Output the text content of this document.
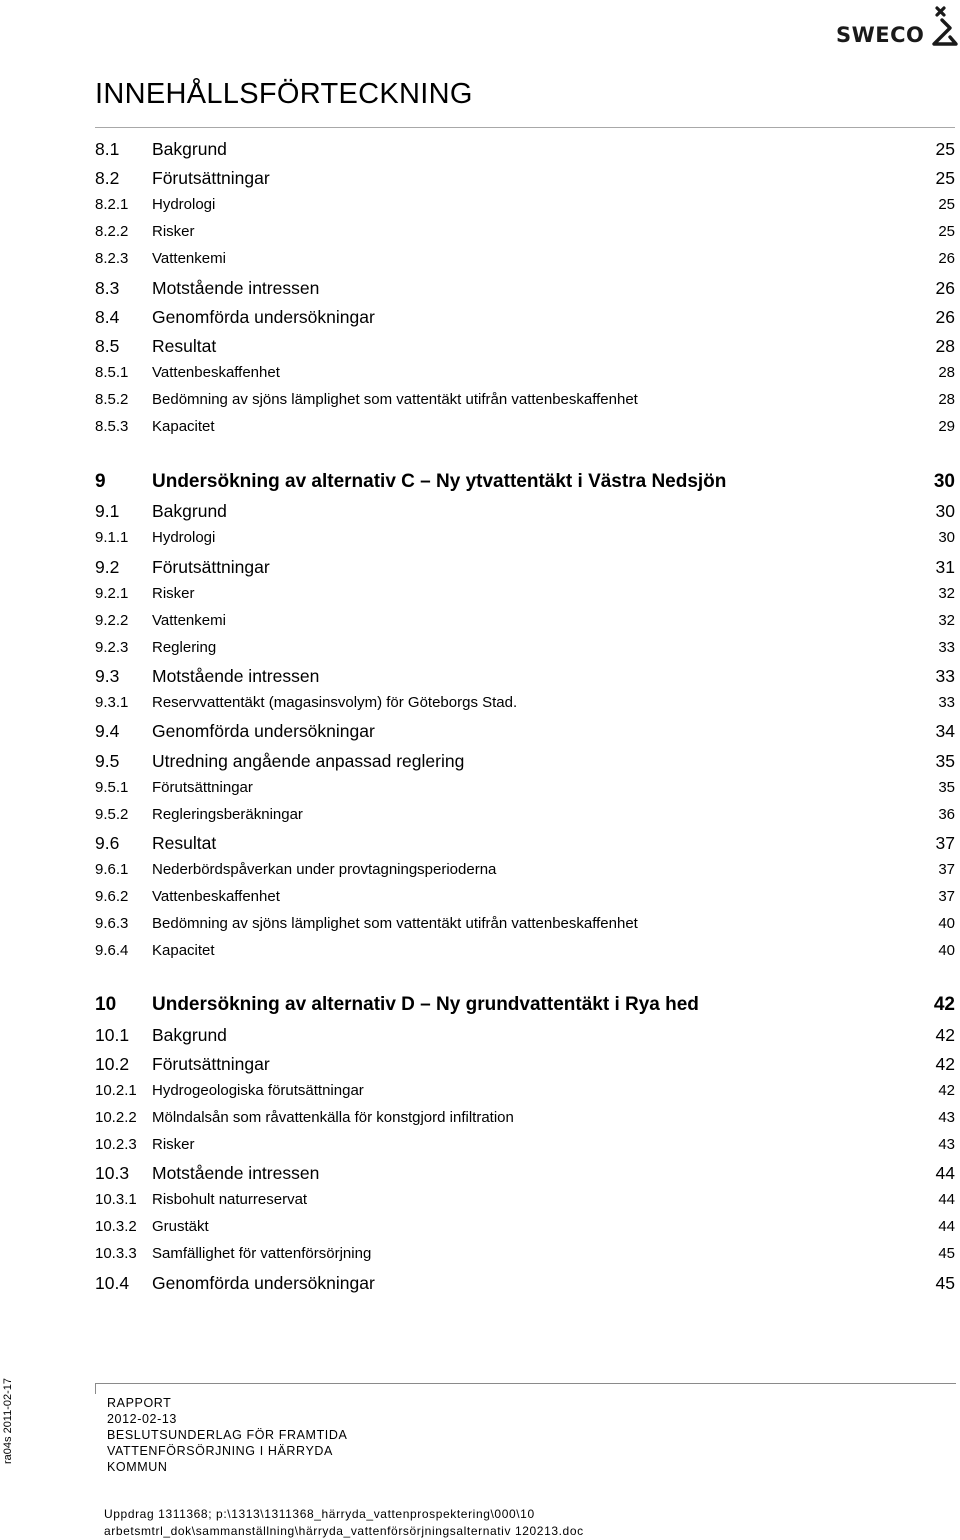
SWECO
INNEHÅLLSFÖRTECKNING
8.1 Bakgrund	25
8.2 Förutsättningar	25
8.2.1 Hydrologi	25
8.2.2 Risker	25
8.2.3 Vattenkemi	26
8.3 Motstående intressen	26
8.4 Genomförda undersökningar	26
8.5 Resultat	28
8.5.1 Vattenbeskaffenhet	28
8.5.2 Bedömning av sjöns lämplighet som vattentäkt utifrån vattenbeskaffenhet	28
8.5.3 Kapacitet	29
9 Undersökning av alternativ C – Ny ytvattentäkt i Västra Nedsjön	30
9.1 Bakgrund	30
9.1.1 Hydrologi	30
9.2 Förutsättningar	31
9.2.1 Risker	32
9.2.2 Vattenkemi	32
9.2.3 Reglering	33
9.3 Motstående intressen	33
9.3.1 Reservvattentäkt (magasinsvolym) för Göteborgs Stad.	33
9.4 Genomförda undersökningar	34
9.5 Utredning angående anpassad reglering	35
9.5.1 Förutsättningar	35
9.5.2 Regleringsberäkningar	36
9.6 Resultat	37
9.6.1 Nederbördspåverkan under provtagningsperioderna	37
9.6.2 Vattenbeskaffenhet	37
9.6.3 Bedömning av sjöns lämplighet som vattentäkt utifrån vattenbeskaffenhet	40
9.6.4 Kapacitet	40
10 Undersökning av alternativ D – Ny grundvattentäkt i Rya hed	42
10.1 Bakgrund	42
10.2 Förutsättningar	42
10.2.1 Hydrogeologiska förutsättningar	42
10.2.2 Mölndalsån som råvattenkälla för konstgjord infiltration	43
10.2.3 Risker	43
10.3 Motstående intressen	44
10.3.1 Risbohult naturreservat	44
10.3.2 Grustäkt	44
10.3.3 Samfällighet för vattenförsörjning	45
10.4 Genomförda undersökningar	45
ra04s 2011-02-17	RAPPORT
2012-02-13
BESLUTSUNDERLAG FÖR FRAMTIDA
VATTENFÖRSÖRJNING I HÄRRYDA
KOMMUN
Uppdrag 1311368; p:\1313\1311368_härryda_vattenprospektering\000\10
arbetsmtrl_dok\sammanställning\härryda_vattenförsörjningsalternativ 120213.doc
